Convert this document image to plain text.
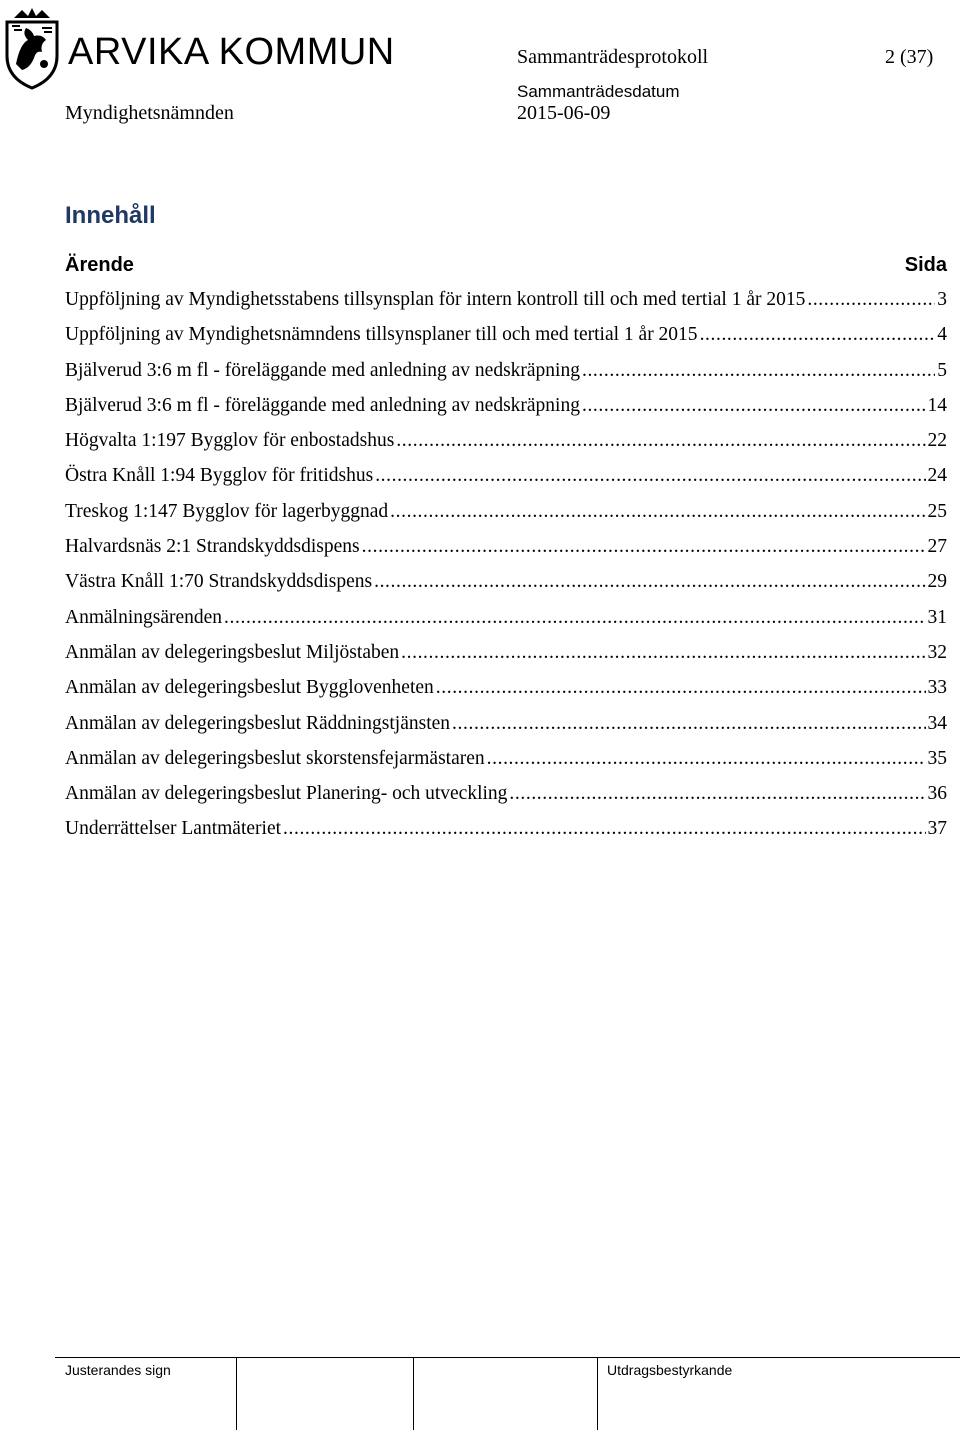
ARVIKA KOMMUN	Sammanträdesprotokoll	2 (37)
Myndighetsnämnden
Sammanträdesdatum
2015-06-09
Innehåll
Ärende	Sida
Uppföljning av Myndighetsstabens tillsynsplan för intern kontroll till och med tertial 1 år 2015 .....	3
Uppföljning av Myndighetsnämndens tillsynsplaner till och med tertial 1 år 2015 .....	4
Bjälverud 3:6 m fl - föreläggande med anledning av nedskräpning .....	5
Bjälverud 3:6 m fl - föreläggande med anledning av nedskräpning .....	14
Högvalta 1:197 Bygglov för enbostadshus .....	22
Östra Knåll 1:94 Bygglov för fritidshus .....	24
Treskog 1:147 Bygglov för lagerbyggnad .....	25
Halvardsnäs 2:1 Strandskyddsdispens .....	27
Västra Knåll 1:70 Strandskyddsdispens .....	29
Anmälningsärenden .....	31
Anmälan av delegeringsbeslut Miljöstaben .....	32
Anmälan av delegeringsbeslut Bygglovenheten .....	33
Anmälan av delegeringsbeslut Räddningstjänsten .....	34
Anmälan av delegeringsbeslut skorstensfejarmästaren .....	35
Anmälan av delegeringsbeslut Planering- och utveckling .....	36
Underrättelser Lantmäteriet .....	37
Justerandes sign	Utdragsbestyrkande
